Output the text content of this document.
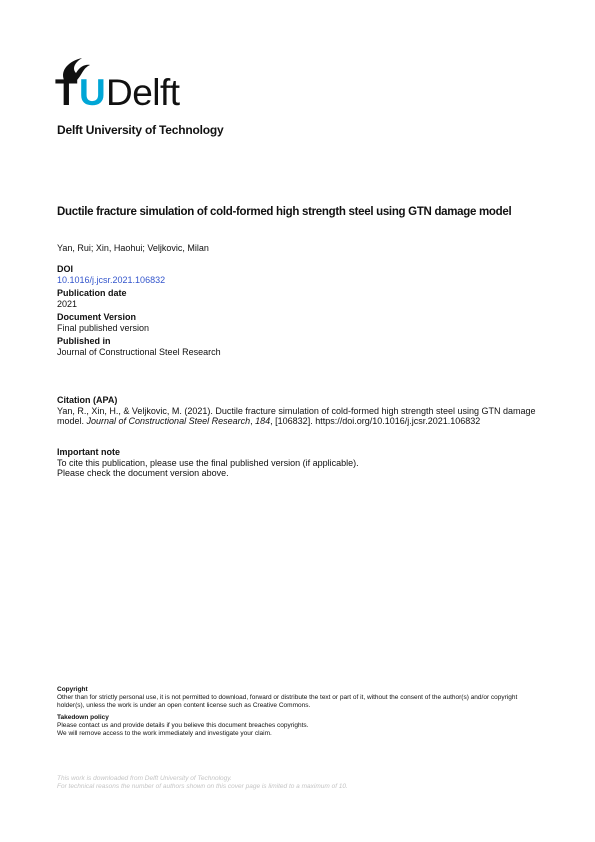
T U Delft
Delft University of Technology
Ductile fracture simulation of cold-formed high strength steel using GTN damage model
Yan, Rui; Xin, Haohui; Veljkovic, Milan
DOI
10.1016/j.jcsr.2021.106832
Publication date
2021
Document Version
Final published version
Published in
Journal of Constructional Steel Research
Citation (APA)
Yan, R., Xin, H., & Veljkovic, M. (2021). Ductile fracture simulation of cold-formed high strength steel using GTN damage model. Journal of Constructional Steel Research, 184, [106832]. https://doi.org/10.1016/j.jcsr.2021.106832
Important note
To cite this publication, please use the final published version (if applicable).
Please check the document version above.
Copyright
Other than for strictly personal use, it is not permitted to download, forward or distribute the text or part of it, without the consent of the author(s) and/or copyright holder(s), unless the work is under an open content license such as Creative Commons.
Takedown policy
Please contact us and provide details if you believe this document breaches copyrights.
We will remove access to the work immediately and investigate your claim.
This work is downloaded from Delft University of Technology.
For technical reasons the number of authors shown on this cover page is limited to a maximum of 10.
